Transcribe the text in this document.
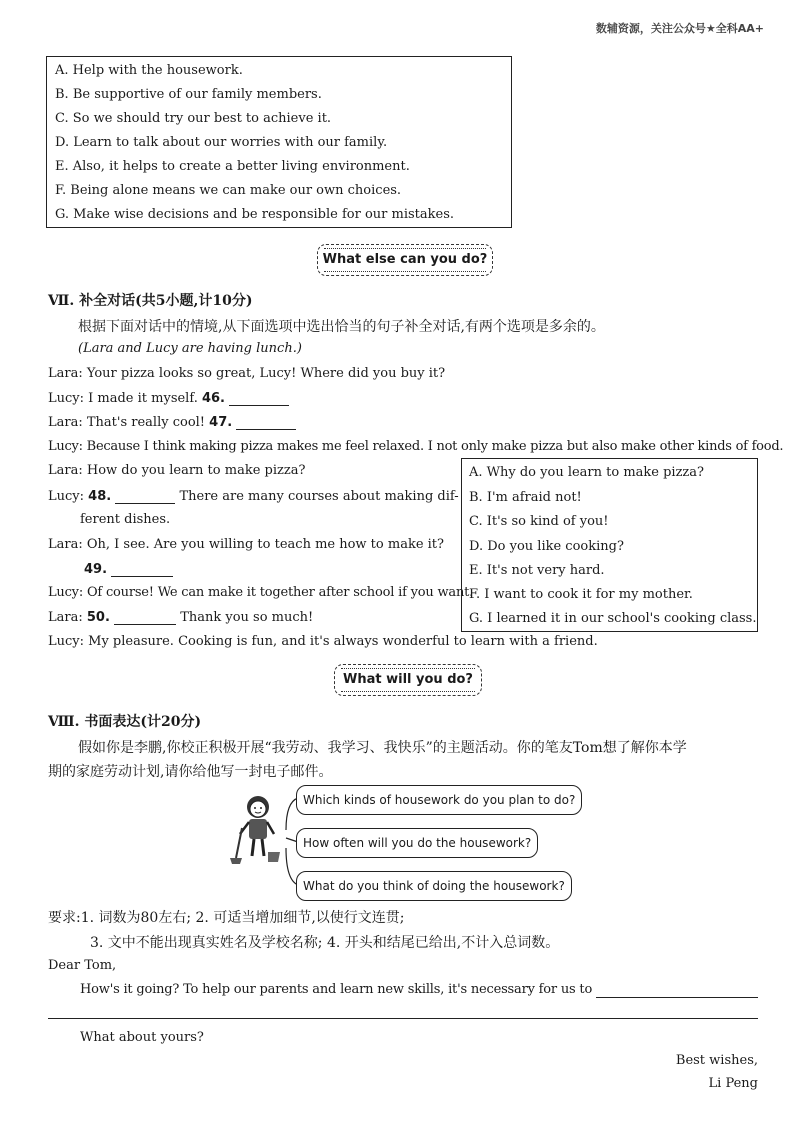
数辅资源，关注公众号★全科AA+
A. Help with the housework.
B. Be supportive of our family members.
C. So we should try our best to achieve it.
D. Learn to talk about our worries with our family.
E. Also, it helps to create a better living environment.
F. Being alone means we can make our own choices.
G. Make wise decisions and be responsible for our mistakes.
What else can you do?
Ⅶ. 补全对话(共5小题,计10分)
根据下面对话中的情境,从下面选项中选出恰当的句子补全对话,有两个选项是多余的。
(Lara and Lucy are having lunch.)
Lara: Your pizza looks so great, Lucy! Where did you buy it?
Lucy: I made it myself. 46.
Lara: That's really cool! 47.
Lucy: Because I think making pizza makes me feel relaxed. I not only make pizza but also make other kinds of food.
Lara: How do you learn to make pizza?
Lucy: 48.	There are many courses about making dif-
ferent dishes.
Lara: Oh, I see. Are you willing to teach me how to make it?
49.
Lucy: Of course! We can make it together after school if you want.
Lara: 50.	Thank you so much!
Lucy: My pleasure. Cooking is fun, and it's always wonderful to learn with a friend.
A. Why do you learn to make pizza?
B. I'm afraid not!
C. It's so kind of you!
D. Do you like cooking?
E. It's not very hard.
F. I want to cook it for my mother.
G. I learned it in our school's cooking class.
What will you do?
Ⅷ. 书面表达(计20分)
假如你是李鹏,你校正积极开展“我劳动、我学习、我快乐”的主题活动。你的笔友Tom想了解你本学
期的家庭劳动计划,请你给他写一封电子邮件。
Which kinds of housework do you plan to do?
How often will you do the housework?
What do you think of doing the housework?
要求:1. 词数为80左右; 2. 可适当增加细节,以使行文连贯;
3. 文中不能出现真实姓名及学校名称; 4. 开头和结尾已给出,不计入总词数。
Dear Tom,
How's it going? To help our parents and learn new skills, it's necessary for us to
What about yours?
Best wishes,
Li Peng
